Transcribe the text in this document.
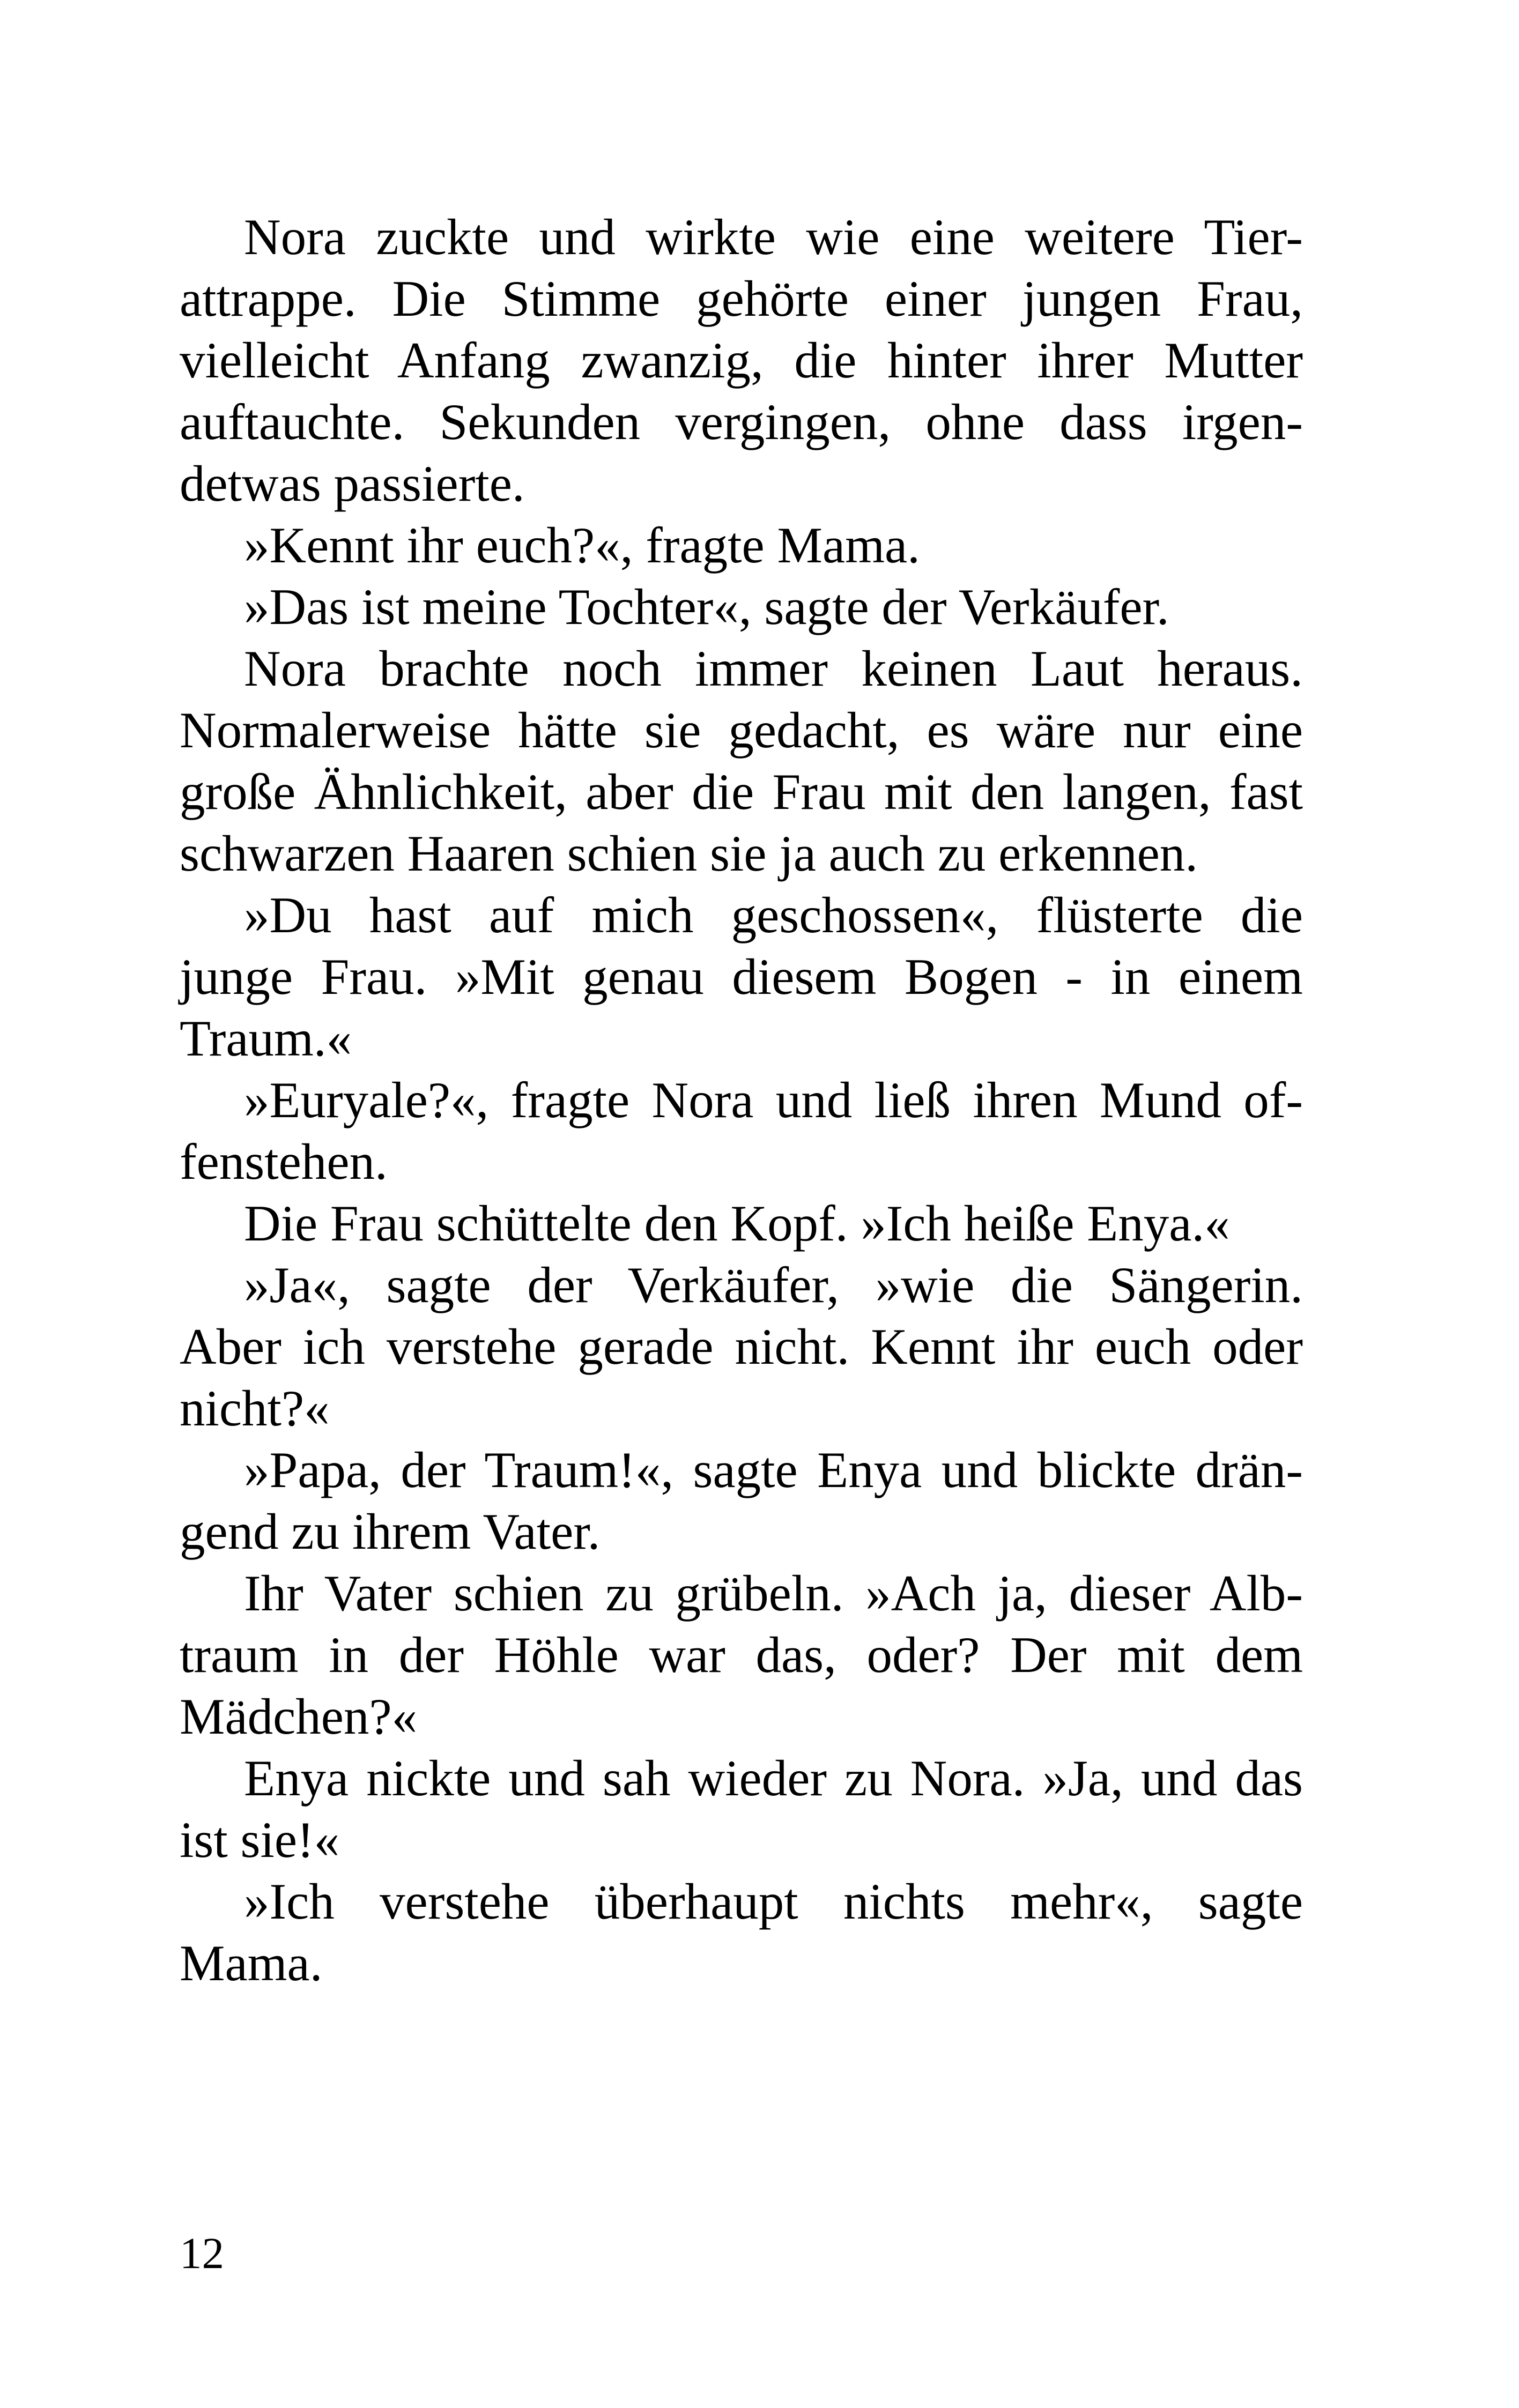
Nora zuckte und wirkte wie eine weitere Tier-
attrappe. Die Stimme gehörte einer jungen Frau,
vielleicht Anfang zwanzig, die hinter ihrer Mutter
auftauchte. Sekunden vergingen, ohne dass irgen-
detwas passierte.
»Kennt ihr euch?«, fragte Mama.
»Das ist meine Tochter«, sagte der Verkäufer.
Nora brachte noch immer keinen Laut heraus.
Normalerweise hätte sie gedacht, es wäre nur eine
große Ähnlichkeit, aber die Frau mit den langen, fast
schwarzen Haaren schien sie ja auch zu erkennen.
»Du hast auf mich geschossen«, flüsterte die
junge Frau. »Mit genau diesem Bogen - in einem
Traum.«
»Euryale?«, fragte Nora und ließ ihren Mund of-
fenstehen.
Die Frau schüttelte den Kopf. »Ich heiße Enya.«
»Ja«, sagte der Verkäufer, »wie die Sängerin.
Aber ich verstehe gerade nicht. Kennt ihr euch oder
nicht?«
»Papa, der Traum!«, sagte Enya und blickte drän-
gend zu ihrem Vater.
Ihr Vater schien zu grübeln. »Ach ja, dieser Alb-
traum in der Höhle war das, oder? Der mit dem
Mädchen?«
Enya nickte und sah wieder zu Nora. »Ja, und das
ist sie!«
»Ich verstehe überhaupt nichts mehr«, sagte
Mama.
12
